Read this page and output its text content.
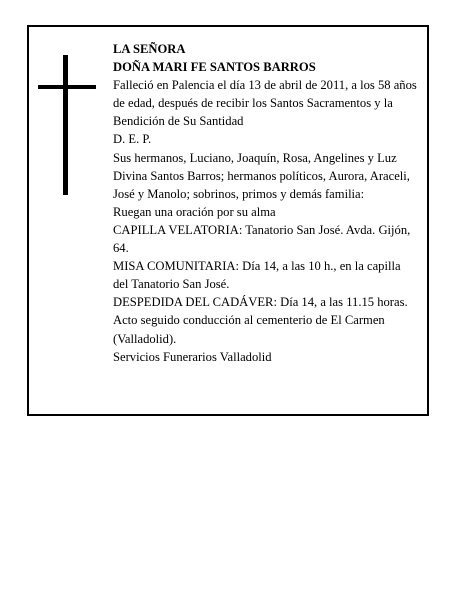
LA SEÑORA

DOÑA MARI FE SANTOS BARROS

Falleció en Palencia el día 13 de abril de 2011, a los 58 años de edad, después de recibir los Santos Sacramentos y la Bendición de Su Santidad

D. E. P.

Sus hermanos, Luciano, Joaquín, Rosa, Angelines y Luz Divina Santos Barros; hermanos políticos, Aurora, Araceli, José y Manolo; sobrinos, primos y demás familia:

Ruegan una oración por su alma

CAPILLA VELATORIA: Tanatorio San José. Avda. Gijón, 64.

MISA COMUNITARIA: Día 14, a las 10 h., en la capilla del Tanatorio San José.

DESPEDIDA DEL CADÁVER: Día 14, a las 11.15 horas. Acto seguido conducción al cementerio de El Carmen (Valladolid).

Servicios Funerarios Valladolid
